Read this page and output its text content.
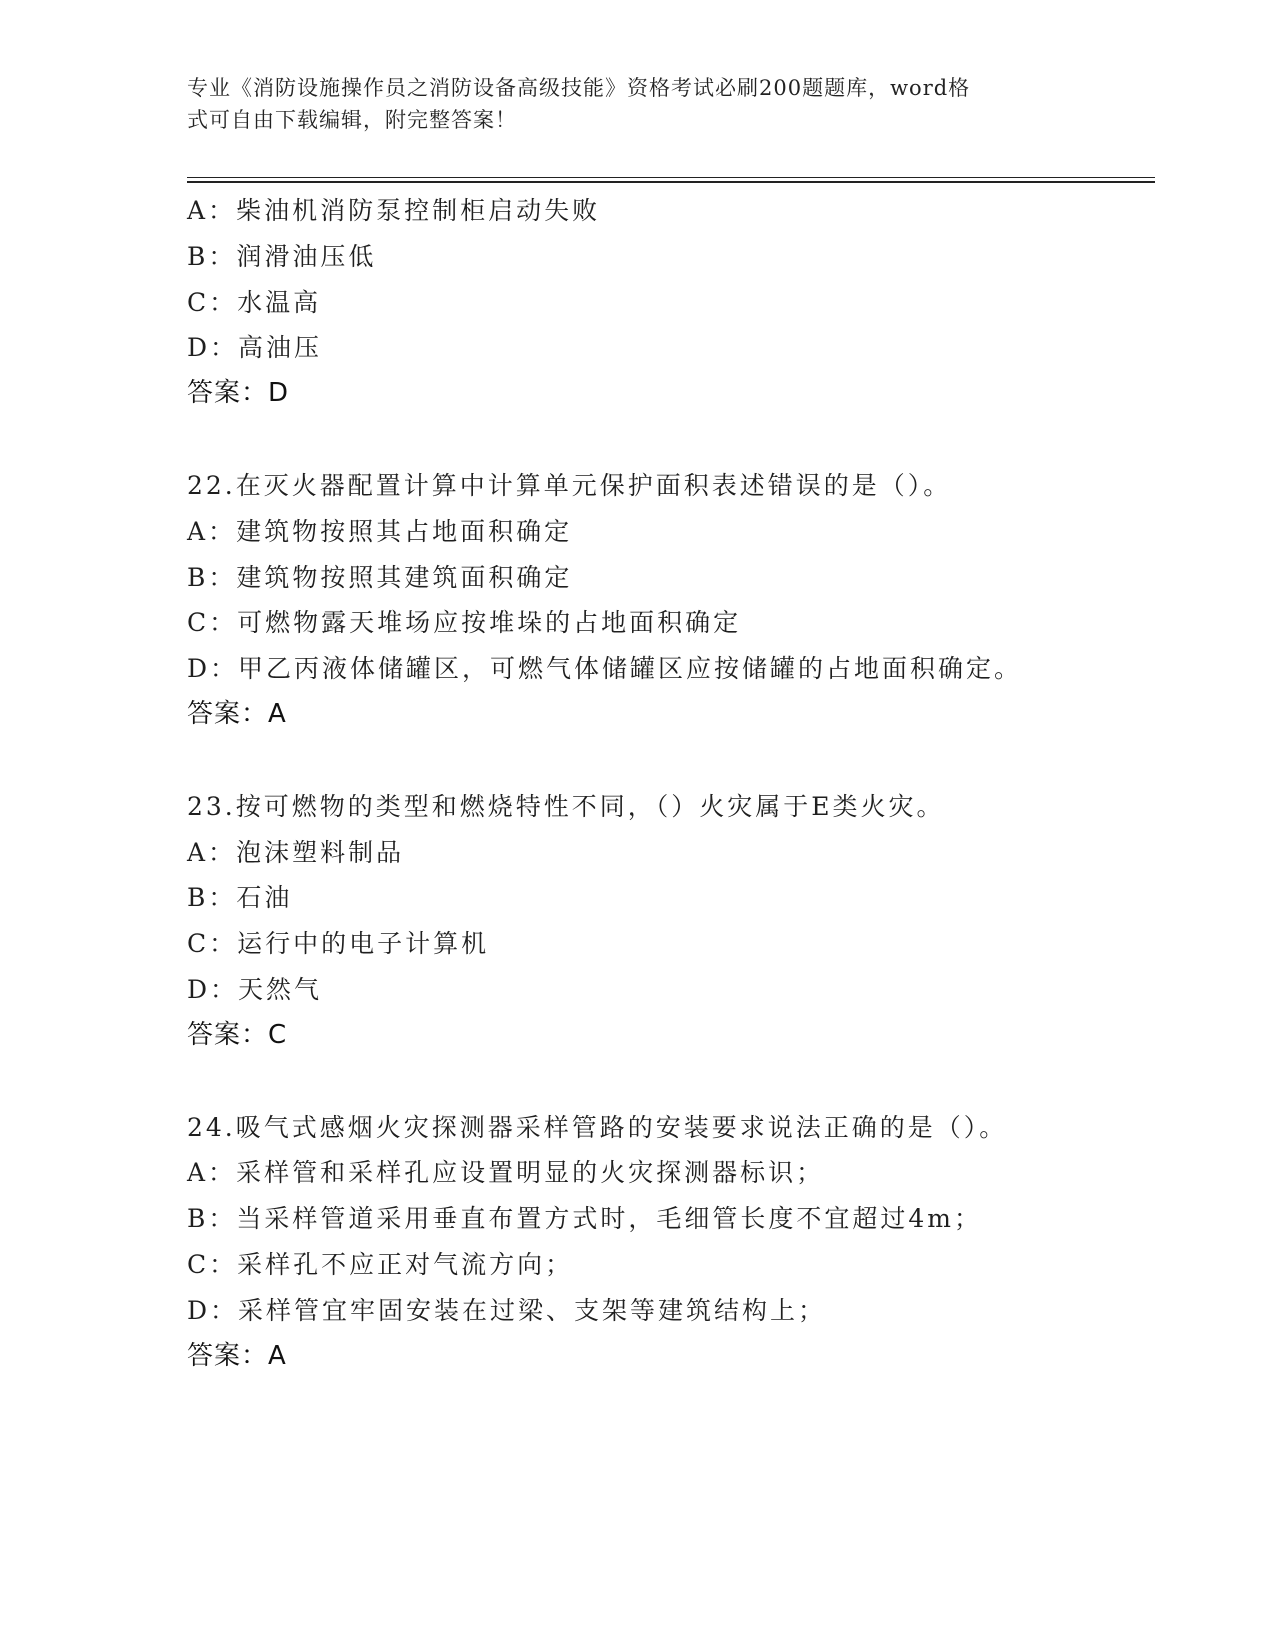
专业《消防设施操作员之消防设备高级技能》资格考试必刷200题题库，word格
式可自由下载编辑，附完整答案！
A：柴油机消防泵控制柜启动失败
B：润滑油压低
C：水温高
D：高油压
答案：D
22.在灭火器配置计算中计算单元保护面积表述错误的是（）。
A：建筑物按照其占地面积确定
B：建筑物按照其建筑面积确定
C：可燃物露天堆场应按堆垛的占地面积确定
D：甲乙丙液体储罐区，可燃气体储罐区应按储罐的占地面积确定。
答案：A
23.按可燃物的类型和燃烧特性不同，（）火灾属于E类火灾。
A：泡沫塑料制品
B：石油
C：运行中的电子计算机
D：天然气
答案：C
24.吸气式感烟火灾探测器采样管路的安装要求说法正确的是（）。
A：采样管和采样孔应设置明显的火灾探测器标识；
B：当采样管道采用垂直布置方式时，毛细管长度不宜超过4m；
C：采样孔不应正对气流方向；
D：采样管宜牢固安装在过梁、支架等建筑结构上；
答案：A
